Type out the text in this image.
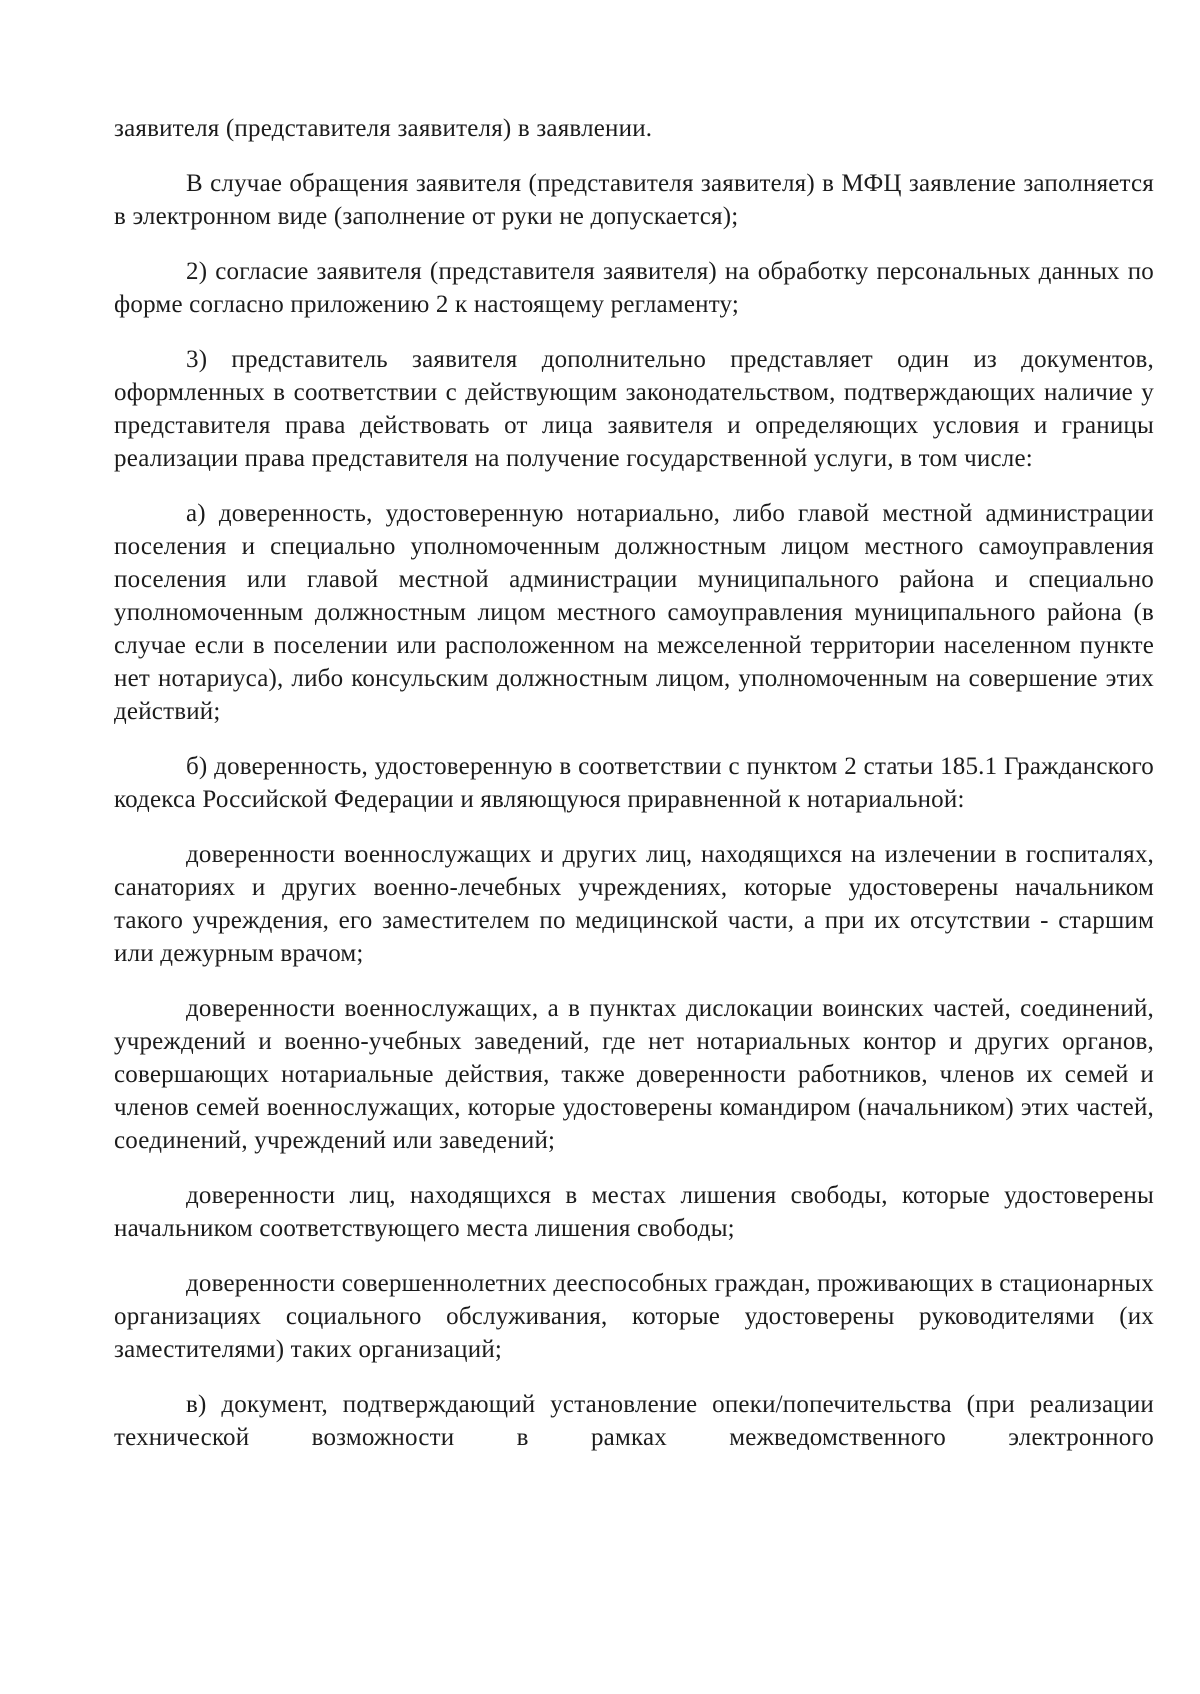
заявителя (представителя заявителя) в заявлении.

В случае обращения заявителя (представителя заявителя) в МФЦ заявление заполняется в электронном виде (заполнение от руки не допускается);

2) согласие заявителя (представителя заявителя) на обработку персональных данных по форме согласно приложению 2 к настоящему регламенту;

3) представитель заявителя дополнительно представляет один из документов, оформленных в соответствии с действующим законодательством, подтверждающих наличие у представителя права действовать от лица заявителя и определяющих условия и границы реализации права представителя на получение государственной услуги, в том числе:

а) доверенность, удостоверенную нотариально, либо главой местной администрации поселения и специально уполномоченным должностным лицом местного самоуправления поселения или главой местной администрации муниципального района и специально уполномоченным должностным лицом местного самоуправления муниципального района (в случае если в поселении или расположенном на межселенной территории населенном пункте нет нотариуса), либо консульским должностным лицом, уполномоченным на совершение этих действий;

б) доверенность, удостоверенную в соответствии с пунктом 2 статьи 185.1 Гражданского кодекса Российской Федерации и являющуюся приравненной к нотариальной:

доверенности военнослужащих и других лиц, находящихся на излечении в госпиталях, санаториях и других военно-лечебных учреждениях, которые удостоверены начальником такого учреждения, его заместителем по медицинской части, а при их отсутствии - старшим или дежурным врачом;

доверенности военнослужащих, а в пунктах дислокации воинских частей, соединений, учреждений и военно-учебных заведений, где нет нотариальных контор и других органов, совершающих нотариальные действия, также доверенности работников, членов их семей и членов семей военнослужащих, которые удостоверены командиром (начальником) этих частей, соединений, учреждений или заведений;

доверенности лиц, находящихся в местах лишения свободы, которые удостоверены начальником соответствующего места лишения свободы;

доверенности совершеннолетних дееспособных граждан, проживающих в стационарных организациях социального обслуживания, которые удостоверены руководителями (их заместителями) таких организаций;

в) документ, подтверждающий установление опеки/попечительства (при реализации технической возможности в рамках межведомственного электронного
